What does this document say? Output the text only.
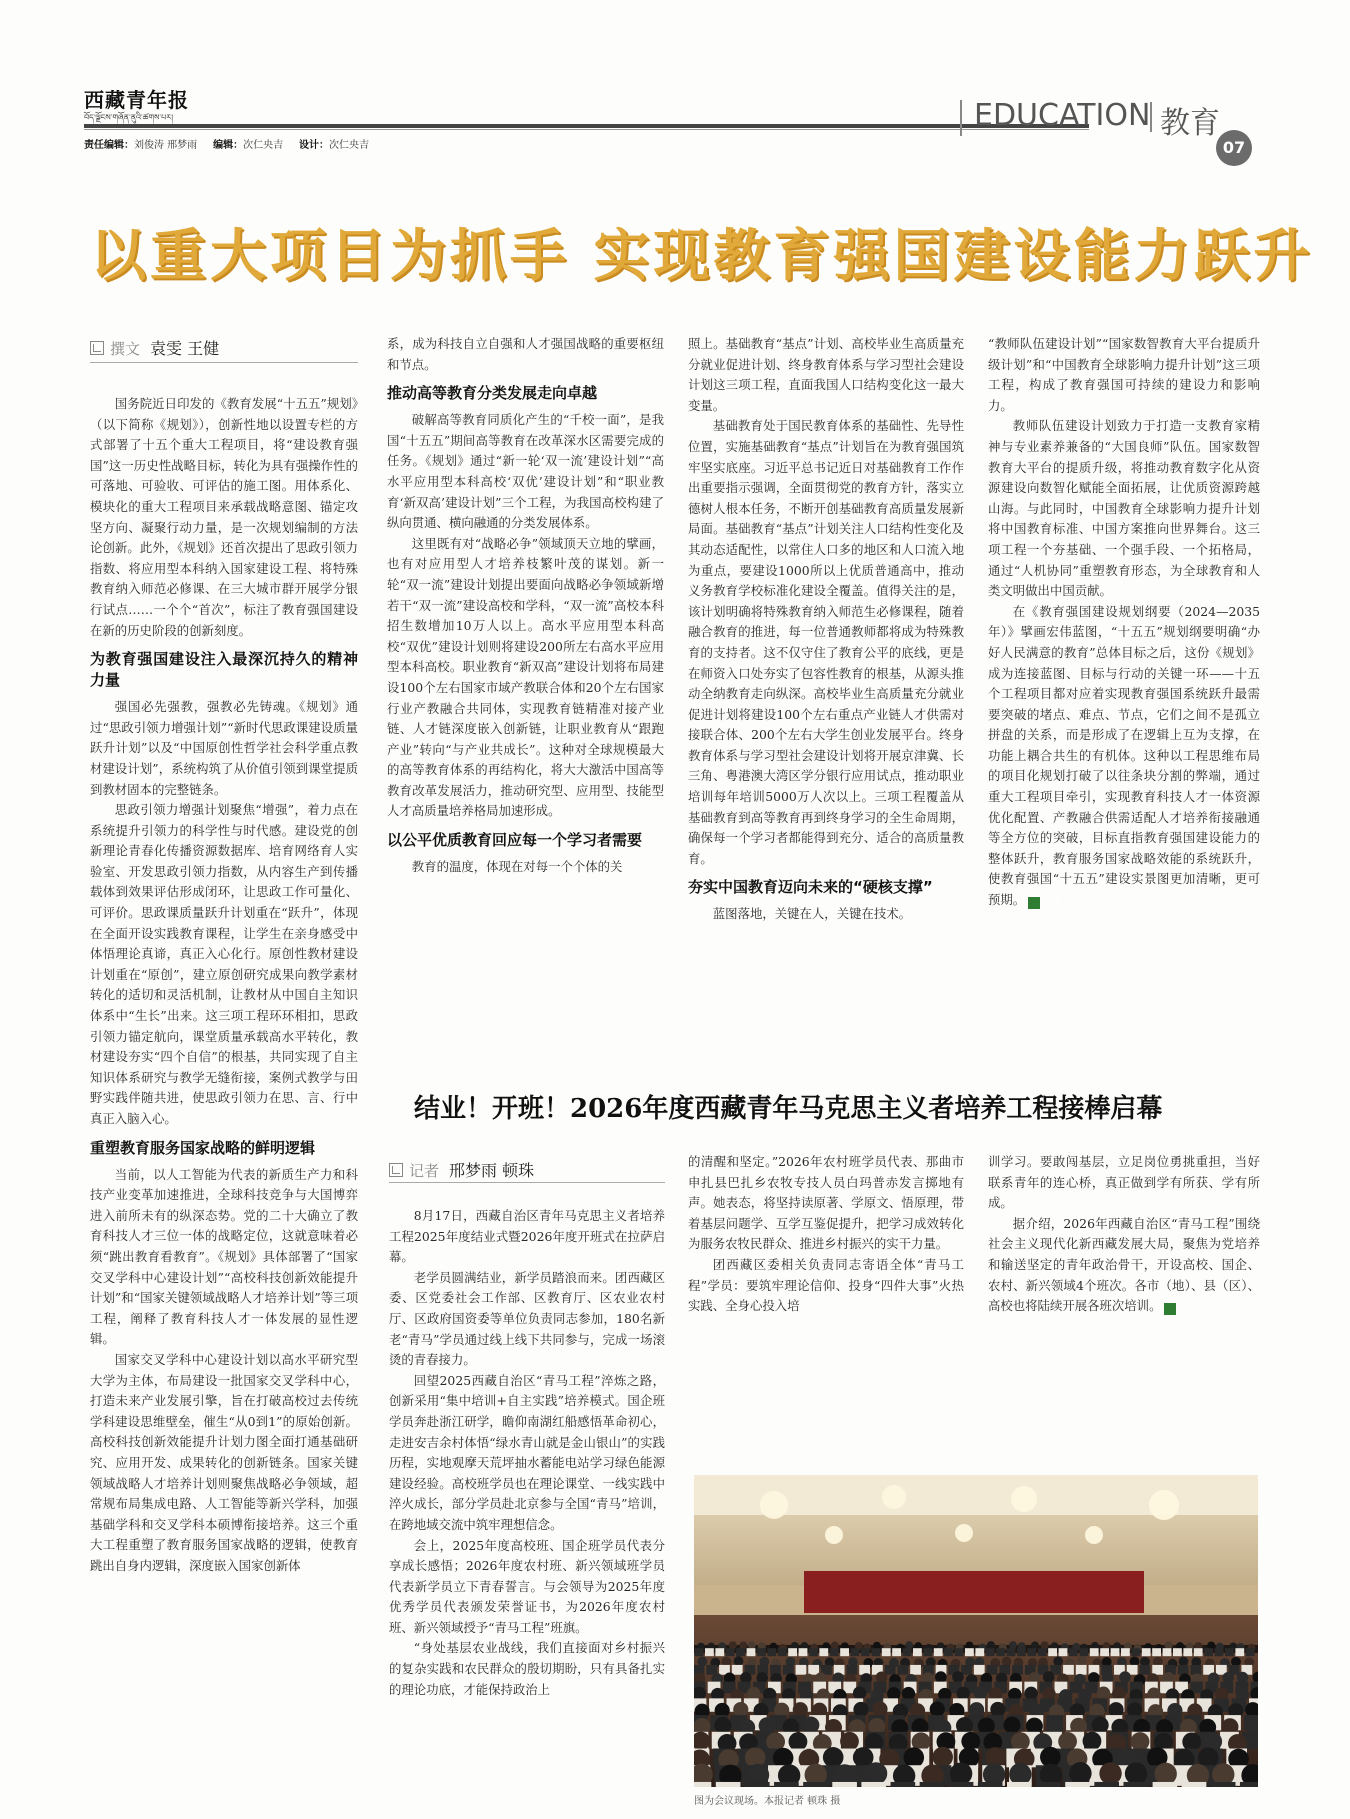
西藏青年报
བོད་ལྗོངས་གཞོན་ནུའི་ཚགས་པར།
责任编辑：刘俊涛 邢梦雨 编辑：次仁央吉 设计：次仁央吉
EDUCATION 教育
07
以重大项目为抓手 实现教育强国建设能力跃升
撰文 袁雯 王健

国务院近日印发的《教育发展“十五五”规划》（以下简称《规划》），创新性地以设置专栏的方式部署了十五个重大工程项目，将“建设教育强国”这一历史性战略目标，转化为具有强操作性的可落地、可验收、可评估的施工图。用体系化、模块化的重大工程项目来承载战略意图、锚定攻坚方向、凝聚行动力量，是一次规划编制的方法论创新。此外，《规划》还首次提出了思政引领力指数、将应用型本科纳入国家建设工程、将特殊教育纳入师范必修课、在三大城市群开展学分银行试点……一个个“首次”，标注了教育强国建设在新的历史阶段的创新刻度。

为教育强国建设注入最深沉持久的精神力量

强国必先强教，强教必先铸魂。《规划》通过“思政引领力增强计划”“新时代思政课建设质量跃升计划”以及“中国原创性哲学社会科学重点教材建设计划”，系统构筑了从价值引领到课堂提质到教材固本的完整链条。

思政引领力增强计划聚焦“增强”，着力点在系统提升引领力的科学性与时代感。建设党的创新理论青春化传播资源数据库、培育网络育人实验室、开发思政引领力指数，从内容生产到传播载体到效果评估形成闭环，让思政工作可量化、可评价。思政课质量跃升计划重在“跃升”，体现在全面开设实践教育课程，让学生在亲身感受中体悟理论真谛，真正入心化行。原创性教材建设计划重在“原创”，建立原创研究成果向教学素材转化的适切和灵活机制，让教材从中国自主知识体系中“生长”出来。这三项工程环环相扣，思政引领力锚定航向，课堂质量承载高水平转化，教材建设夯实“四个自信”的根基，共同实现了自主知识体系研究与教学无缝衔接，案例式教学与田野实践伴随共进，使思政引领力在思、言、行中真正入脑入心。

重塑教育服务国家战略的鲜明逻辑

当前，以人工智能为代表的新质生产力和科技产业变革加速推进，全球科技竞争与大国博弈进入前所未有的纵深态势。党的二十大确立了教育科技人才三位一体的战略定位，这就意味着必须“跳出教育看教育”。《规划》具体部署了“国家交叉学科中心建设计划”“高校科技创新效能提升计划”和“国家关键领域战略人才培养计划”等三项工程，阐释了教育科技人才一体发展的显性逻辑。

国家交叉学科中心建设计划以高水平研究型大学为主体，布局建设一批国家交叉学科中心，打造未来产业发展引擎，旨在打破高校过去传统学科建设思维壁垒，催生“从0到1”的原始创新。高校科技创新效能提升计划力图全面打通基础研究、应用开发、成果转化的创新链条。国家关键领域战略人才培养计划则聚焦战略必争领域，超常规布局集成电路、人工智能等新兴学科，加强基础学科和交叉学科本硕博衔接培养。这三个重大工程重塑了教育服务国家战略的逻辑，使教育跳出自身内逻辑，深度嵌入国家创新体

系，成为科技自立自强和人才强国战略的重要枢纽和节点。

推动高等教育分类发展走向卓越

破解高等教育同质化产生的“千校一面”，是我国“十五五”期间高等教育在改革深水区需要完成的任务。《规划》通过“新一轮‘双一流’建设计划”“高水平应用型本科高校‘双优’建设计划”和“职业教育‘新双高’建设计划”三个工程，为我国高校构建了纵向贯通、横向融通的分类发展体系。

这里既有对“战略必争”领域顶天立地的擘画，也有对应用型人才培养枝繁叶茂的谋划。新一轮“双一流”建设计划提出要面向战略必争领域新增若干“双一流”建设高校和学科，“双一流”高校本科招生数增加10万人以上。高水平应用型本科高校“双优”建设计划则将建设200所左右高水平应用型本科高校。职业教育“新双高”建设计划将布局建设100个左右国家市域产教联合体和20个左右国家行业产教融合共同体，实现教育链精准对接产业链、人才链深度嵌入创新链，让职业教育从“跟跑产业”转向“与产业共成长”。这种对全球规模最大的高等教育体系的再结构化，将大大激活中国高等教育改革发展活力，推动研究型、应用型、技能型人才高质量培养格局加速形成。

以公平优质教育回应每一个学习者需要

教育的温度，体现在对每一个个体的关

照上。基础教育“基点”计划、高校毕业生高质量充分就业促进计划、终身教育体系与学习型社会建设计划这三项工程，直面我国人口结构变化这一最大变量。

基础教育处于国民教育体系的基础性、先导性位置，实施基础教育“基点”计划旨在为教育强国筑牢坚实底座。习近平总书记近日对基础教育工作作出重要指示强调，全面贯彻党的教育方针，落实立德树人根本任务，不断开创基础教育高质量发展新局面。基础教育“基点”计划关注人口结构性变化及其动态适配性，以常住人口多的地区和人口流入地为重点，要建设1000所以上优质普通高中，推动义务教育学校标准化建设全覆盖。值得关注的是，该计划明确将特殊教育纳入师范生必修课程，随着融合教育的推进，每一位普通教师都将成为特殊教育的支持者。这不仅守住了教育公平的底线，更是在师资入口处夯实了包容性教育的根基，从源头推动全纳教育走向纵深。高校毕业生高质量充分就业促进计划将建设100个左右重点产业链人才供需对接联合体、200个左右大学生创业发展平台。终身教育体系与学习型社会建设计划将开展京津冀、长三角、粤港澳大湾区学分银行应用试点，推动职业培训每年培训5000万人次以上。三项工程覆盖从基础教育到高等教育再到终身学习的全生命周期，确保每一个学习者都能得到充分、适合的高质量教育。

夯实中国教育迈向未来的“硬核支撑”

蓝图落地，关键在人，关键在技术。

“教师队伍建设计划”“国家数智教育大平台提质升级计划”和“中国教育全球影响力提升计划”这三项工程，构成了教育强国可持续的建设力和影响力。

教师队伍建设计划致力于打造一支教育家精神与专业素养兼备的“大国良师”队伍。国家数智教育大平台的提质升级，将推动教育数字化从资源建设向数智化赋能全面拓展，让优质资源跨越山海。与此同时，中国教育全球影响力提升计划将中国教育标准、中国方案推向世界舞台。这三项工程一个夯基础、一个强手段、一个拓格局，通过“人机协同”重塑教育形态，为全球教育和人类文明做出中国贡献。

在《教育强国建设规划纲要（2024—2035年）》擘画宏伟蓝图，“十五五”规划纲要明确“办好人民满意的教育”总体目标之后，这份《规划》成为连接蓝图、目标与行动的关键一环——十五个工程项目都对应着实现教育强国系统跃升最需要突破的堵点、难点、节点，它们之间不是孤立拼盘的关系，而是形成了在逻辑上互为支撑，在功能上耦合共生的有机体。这种以工程思维布局的项目化规划打破了以往条块分割的弊端，通过重大工程项目牵引，实现教育科技人才一体资源优化配置、产教融合供需适配人才培养衔接融通等全方位的突破，目标直指教育强国建设能力的整体跃升，教育服务国家战略效能的系统跃升，使教育强国“十五五”建设实景图更加清晰，更可预期。	✦

结业！开班！2026年度西藏青年马克思主义者培养工程接棒启幕
记者 邢梦雨 顿珠

8月17日，西藏自治区青年马克思主义者培养工程2025年度结业式暨2026年度开班式在拉萨启幕。

老学员圆满结业，新学员踏浪而来。团西藏区委、区党委社会工作部、区教育厅、区农业农村厅、区政府国资委等单位负责同志参加，180名新老“青马”学员通过线上线下共同参与，完成一场滚烫的青春接力。

回望2025西藏自治区“青马工程”淬炼之路，创新采用“集中培训+自主实践”培养模式。国企班学员奔赴浙江研学，瞻仰南湖红船感悟革命初心，走进安吉余村体悟“绿水青山就是金山银山”的实践历程，实地观摩天荒坪抽水蓄能电站学习绿色能源建设经验。高校班学员也在理论课堂、一线实践中淬火成长，部分学员赴北京参与全国“青马”培训，在跨地域交流中筑牢理想信念。

会上，2025年度高校班、国企班学员代表分享成长感悟；2026年度农村班、新兴领域班学员代表新学员立下青春誓言。与会领导为2025年度优秀学员代表颁发荣誉证书，为2026年度农村班、新兴领域授予“青马工程”班旗。

“身处基层农业战线，我们直接面对乡村振兴的复杂实践和农民群众的殷切期盼，只有具备扎实的理论功底，才能保持政治上

的清醒和坚定。”2026年农村班学员代表、那曲市申扎县巴扎乡农牧专技人员白玛普赤发言掷地有声。她表态，将坚持读原著、学原文、悟原理，带着基层问题学、互学互鉴促提升，把学习成效转化为服务农牧民群众、推进乡村振兴的实干力量。

团西藏区委相关负责同志寄语全体“青马工程”学员：要筑牢理论信仰、投身“四件大事”火热实践、全身心投入培

训学习。要敢闯基层，立足岗位勇挑重担，当好联系青年的连心桥，真正做到学有所获、学有所成。

据介绍，2026年西藏自治区“青马工程”围绕社会主义现代化新西藏发展大局，聚焦为党培养和输送坚定的青年政治骨干，开设高校、国企、农村、新兴领域4个班次。各市（地）、县（区）、高校也将陆续开展各班次培训。	✦

图为会议现场。本报记者 顿珠 摄
